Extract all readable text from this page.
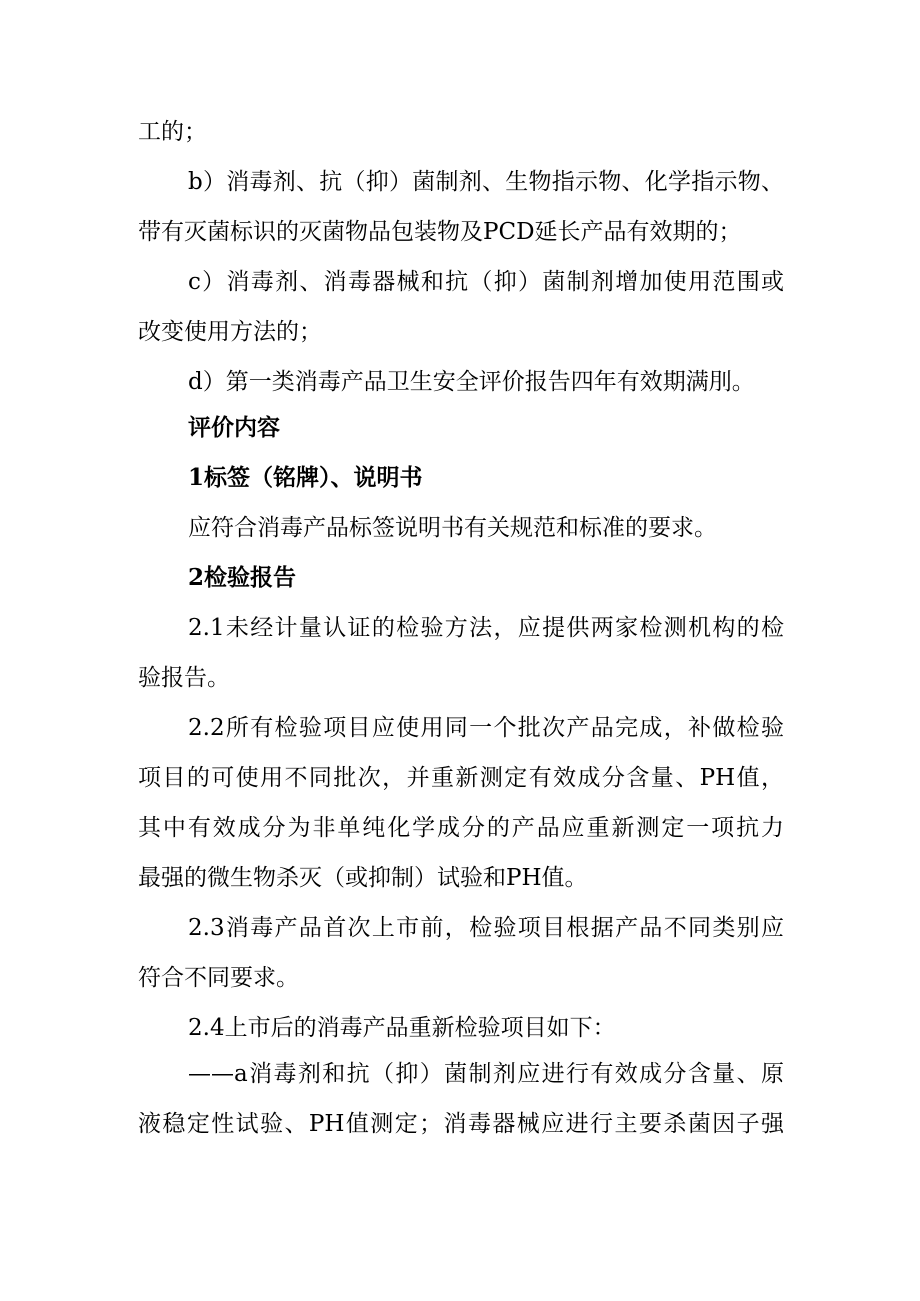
工的；
b）消毒剂、抗（抑）菌制剂、生物指示物、化学指示物、
带有灭菌标识的灭菌物品包装物及PCD延长产品有效期的；
c）消毒剂、消毒器械和抗（抑）菌制剂增加使用范围或
改变使用方法的；
d）第一类消毒产品卫生安全评价报告四年有效期满刖。
评价内容
1标签（铭牌）、说明书
应符合消毒产品标签说明书有关规范和标准的要求。
2检验报告
2.1未经计量认证的检验方法，应提供两家检测机构的检
验报告。
2.2所有检验项目应使用同一个批次产品完成，补做检验
项目的可使用不同批次，并重新测定有效成分含量、PH值，
其中有效成分为非单纯化学成分的产品应重新测定一项抗力
最强的微生物杀灭（或抑制）试验和PH值。
2.3消毒产品首次上市前，检验项目根据产品不同类别应
符合不同要求。
2.4上市后的消毒产品重新检验项目如下：
——a消毒剂和抗（抑）菌制剂应进行有效成分含量、原
液稳定性试验、PH值测定；消毒器械应进行主要杀菌因子强
